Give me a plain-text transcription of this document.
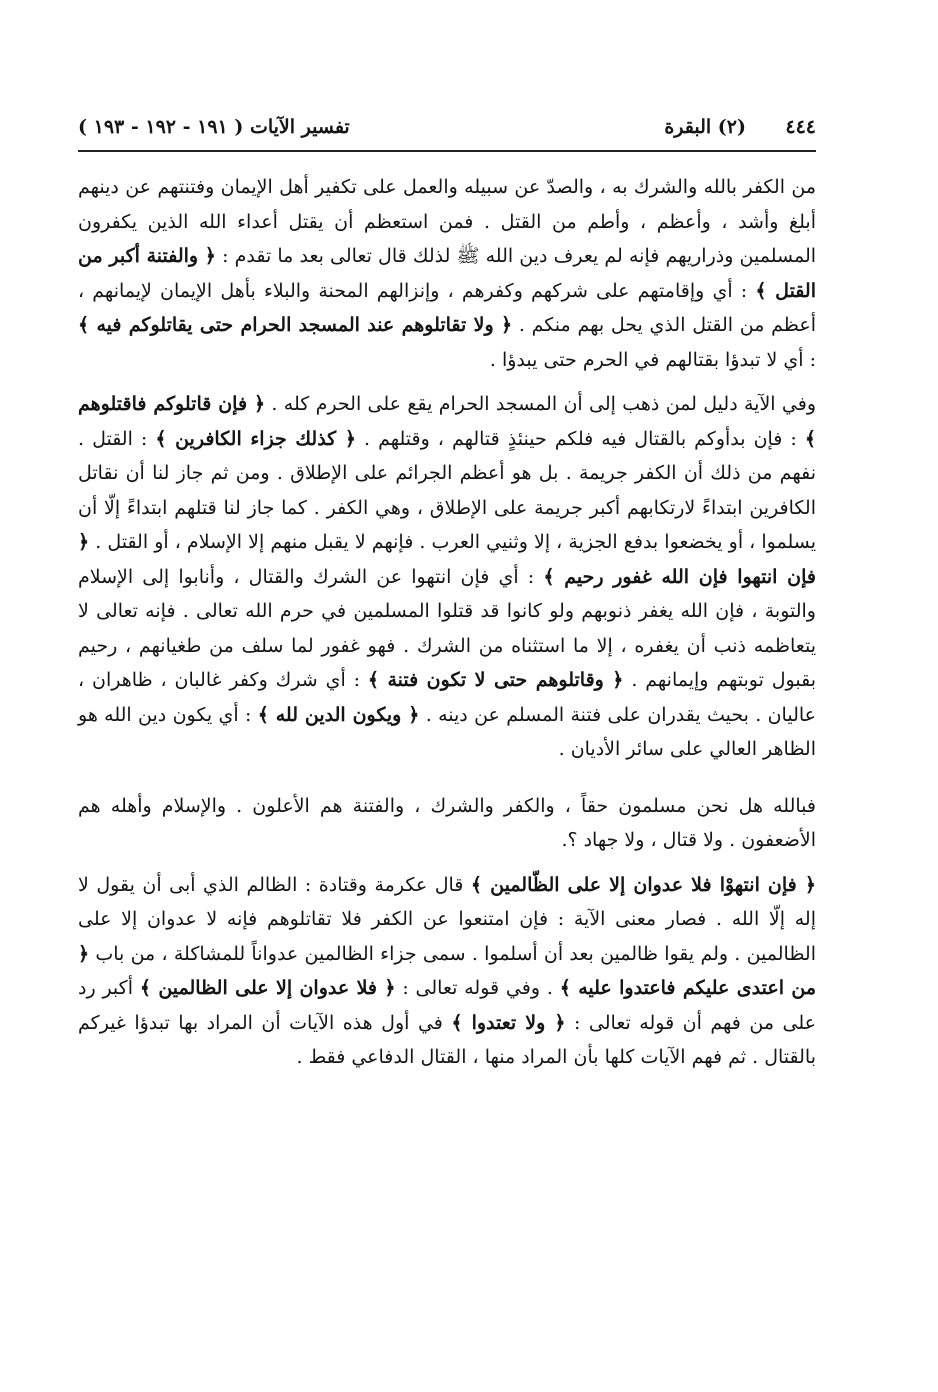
٤٤٤
(٢) البقرة
تفسير الآيات ( ١٩١ - ١٩٢ - ١٩٣ )

من الكفر بالله والشرك به ، والصدّ عن سبيله والعمل على تكفير أهل الإيمان وفتنتهم عن دينهم أبلغ وأشد ، وأعظم ، وأطم من القتل . فمن استعظم أن يقتل أعداء الله الذين يكفرون المسلمين وذراريهم فإنه لم يعرف دين الله ﷺ لذلك قال تعالى بعد ما تقدم : ﴿ والفتنة أكبر من القتل ﴾ : أي وإقامتهم على شركهم وكفرهم ، وإنزالهم المحنة والبلاء بأهل الإيمان لإيمانهم ، أعظم من القتل الذي يحل بهم منكم . ﴿ ولا تقاتلوهم عند المسجد الحرام حتى يقاتلوكم فيه ﴾ : أي لا تبدؤا بقتالهم في الحرم حتى يبدؤا .

وفي الآية دليل لمن ذهب إلى أن المسجد الحرام يقع على الحرم كله . ﴿ فإن قاتلوكم فاقتلوهم ﴾ : فإن بدأوكم بالقتال فيه فلكم حينئذٍ قتالهم ، وقتلهم . ﴿ كذلك جزاء الكافرين ﴾ : القتل . نفهم من ذلك أن الكفر جريمة . بل هو أعظم الجرائم على الإطلاق . ومن ثم جاز لنا أن نقاتل الكافرين ابتداءً لارتكابهم أكبر جريمة على الإطلاق ، وهي الكفر . كما جاز لنا قتلهم ابتداءً إلّا أن يسلموا ، أو يخضعوا بدفع الجزية ، إلا وثنيي العرب . فإنهم لا يقبل منهم إلا الإسلام ، أو القتل . ﴿ فإن انتهوا فإن الله غفور رحيم ﴾ : أي فإن انتهوا عن الشرك والقتال ، وأنابوا إلى الإسلام والتوبة ، فإن الله يغفر ذنوبهم ولو كانوا قد قتلوا المسلمين في حرم الله تعالى . فإنه تعالى لا يتعاظمه ذنب أن يغفره ، إلا ما استثناه من الشرك . فهو غفور لما سلف من طغيانهم ، رحيم بقبول توبتهم وإيمانهم . ﴿ وقاتلوهم حتى لا تكون فتنة ﴾ : أي شرك وكفر غالبان ، ظاهران ، عاليان . بحيث يقدران على فتنة المسلم عن دينه . ﴿ ويكون الدين لله ﴾ : أي يكون دين الله هو الظاهر العالي على سائر الأديان .

فبالله هل نحن مسلمون حقاً ، والكفر والشرك ، والفتنة هم الأعلون . والإسلام وأهله هم الأضعفون . ولا قتال ، ولا جهاد ؟.

﴿ فإن انتهوْا فلا عدوان إلا على الظّالمين ﴾ قال عكرمة وقتادة : الظالم الذي أبى أن يقول لا إله إلّا الله . فصار معنى الآية : فإن امتنعوا عن الكفر فلا تقاتلوهم فإنه لا عدوان إلا على الظالمين . ولم يقوا ظالمين بعد أن أسلموا . سمى جزاء الظالمين عدواناً للمشاكلة ، من باب ﴿ من اعتدى عليكم فاعتدوا عليه ﴾ . وفي قوله تعالى : ﴿ فلا عدوان إلا على الظالمين ﴾ أكبر رد على من فهم أن قوله تعالى : ﴿ ولا تعتدوا ﴾ في أول هذه الآيات أن المراد بها تبدؤا غيركم بالقتال . ثم فهم الآيات كلها بأن المراد منها ، القتال الدفاعي فقط .
